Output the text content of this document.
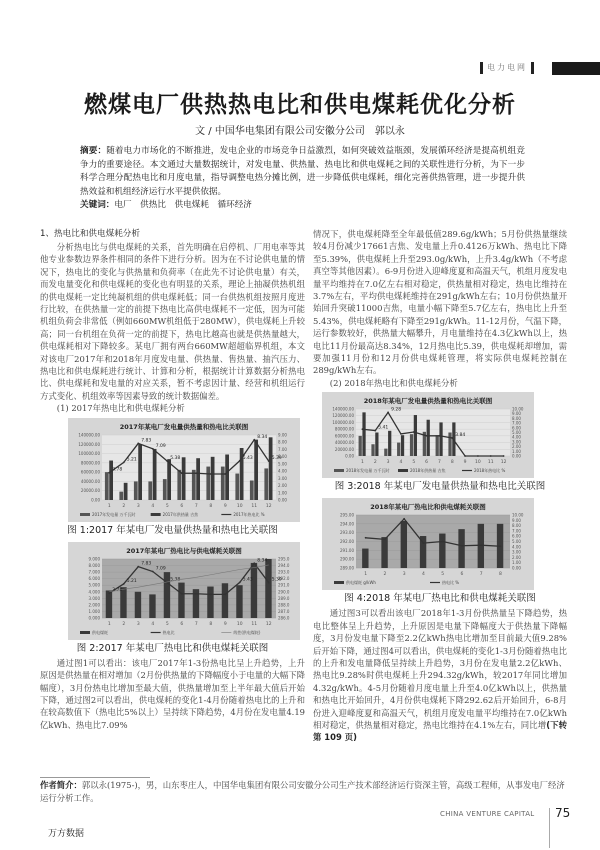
电力电网
燃煤电厂供热热电比和供电煤耗优化分析
文 / 中国华电集团有限公司安徽分公司　郭以永
摘要：随着电力市场化的不断推进，发电企业的市场竞争日益激烈，如何突破效益瓶颈，发展循环经济是提高机组竞争力的重要途径。本文通过大量数据统计，对发电量、供热量、热电比和供电煤耗之间的关联性进行分析，为下一步科学合理分配热电比和月度电量，指导调整电热分摊比例，进一步降低供电煤耗，细化完善供热管理，进一步提升供热效益和机组经济运行水平提供依据。
关键词：电厂　供热比　供电煤耗　循环经济
1、热电比和供电煤耗分析

分析热电比与供电煤耗的关系，首先明确在启停机、厂用电率等其他专业参数边界条件相同的条件下进行分析。因为在不讨论供电量的情况下，热电比的变化与供热量和负荷率（在此先不讨论供电量）有关，而发电量变化和供电煤耗的变化也有明显的关系，理论上抽凝供热机组的供电煤耗一定比纯凝机组的供电煤耗低；同一台供热机组按照月度进行比较，在供热量一定的前提下热电比高供电煤耗不一定低，因为可能机组负荷会非常低（例如660MW机组低于280MW），供电煤耗上升较高；同一台机组在负荷一定的前提下，热电比越高也就是供热量越大，供电煤耗相对下降较多。某电厂拥有两台660MW超超临界机组，本文对该电厂2017年和2018年月度发电量、供热量、售热量、抽汽压力、热电比和供电煤耗进行统计、计算和分析，根据统计计算数据分析热电比、供电煤耗和发电量的对应关系，暂不考虑因计量、经营和机组运行方式变化、机组效率等因素导致的统计数据偏差。

(1) 2017年热电比和供电煤耗分析
2017年某电厂发电量供热量和热电比关联图
0.00
20000.00
40000.00
60000.00
80000.00
100000.00
120000.00
140000.00
0.00
1.00
2.00
3.00
4.00
5.00
6.00
7.00
8.00
9.00
1	2	3	4	5	6	7	8	9 10 11 12
3.78
5.21
7.83
7.09
5.38	5.43
8.34
5.39
2017年发电量 万千瓦时	2017年供热量 吉焦	2017年热电比 %
图 1:2017 年某电厂发电量供热量和热电比关联图
2017年某电厂热电比与供电煤耗关联图
0.000
1.000
2.000
3.000
4.000
5.000
6.000
7.000
8.000
9.000
286.0
287.0
288.0
289.0
290.0
291.0
292.0
293.0
294.0
295.0
1	2	3	4	5	6	7	8	9 10 11 12
3.78
5.21
7.83
7.09
5.38	5.43
8.34
5.39
供电煤耗	热电比	线性(供电煤耗)
图 2:2017 年某电厂热电比和供电煤耗关联图

通过图1可以看出：该电厂2017年1-3份热电比呈上升趋势，上升原因是供热量在相对增加（2月份供热量的下降幅度小于电量的大幅下降幅度），3月份热电比增加至最大值，供热量增加至上半年最大值后开始下降，通过图2可以看出，供电煤耗的变化1-4月份随着热电比的上升和在较高数值下（热电比5%以上）呈持续下降趋势，4月份在发电量4.19亿kWh、热电比7.09%

情况下，供电煤耗降至全年最低值289.6g/kWh；5月份供热量继续较4月份减少17661吉焦、发电量上升0.4126万kWh、热电比下降至5.39%，供电煤耗上升至293.0g/kWh，上升3.4g/kWh（不考虑真空等其他因素）。6-9月份进入迎峰度夏和高温天气，机组月度发电量平均维持在7.0亿左右相对稳定，供热量相对稳定，热电比维持在3.7%左右，平均供电煤耗维持在291g/kWh左右；10月份供热量开始回升突破11000吉焦，电量小幅下降至5.7亿左右，热电比上升至5.43%，供电煤耗略有下降至291g/kWh。11-12月份，气温下降，运行参数较好，供热量大幅攀升，月电量维持在4.3亿kWh以上，热电比11月份最高达8.34%，12月热电比5.39，供电煤耗却增加，需要加强11月份和12月份供电煤耗管理，将实际供电煤耗控制在289g/kWh左右。

(2) 2018年热电比和供电煤耗分析
2018年某电厂发电量供热量和热电比关联图
0.00
20000.00
40000.00
60000.00
80000.00
100000.00
120000.00
140000.00
0.00
1.00
2.00
3.00
4.00
5.00
6.00
7.00
8.00
9.00
10.00
1 2 3 4 5 6 7 8 9 10 11 12
5.41
9.28
3.84
2018年发电量 万千瓦时	2018年供热量 吉焦	2018年热电比 %
图 3:2018 年某电厂发电量供热量和热电比关联图
2018年某电厂热电比和供电煤耗关联图
289.00
290.00
291.00
292.00
293.00
294.00
295.00
0.00
1.00
2.00
3.00
4.00
5.00
6.00
7.00
8.00
9.00
10.00
1	2	3	4	5	6	7	8
供电煤耗 g/kWh	热电比 %
图 4:2018 年某电厂热电比和供电煤耗关联图

通过图3可以看出该电厂2018年1-3月份供热量呈下降趋势，热电比整体呈上升趋势，上升原因是电量下降幅度大于供热量下降幅度，3月份发电量下降至2.2亿kWh热电比增加至目前最大值9.28%后开始下降，通过图4可以看出，供电煤耗的变化1-3月份随着热电比的上升和发电量降低呈持续上升趋势，3月份在发电量2.2亿kWh、热电比9.28%时供电煤耗上升294.32g/kWh，较2017年同比增加4.32g/kWh。4-5月份随着月度电量上升至4.0亿kWh以上，供热量和热电比开始回升，4月份供电煤耗下降292.62后开始回升，6-8月份进入迎峰度夏和高温天气，机组月度发电量平均维持在7.0亿kWh相对稳定，供热量相对稳定，热电比维持在4.1%左右，同比增(下转第 109 页)

作者简介：郭以永(1975-)，男，山东枣庄人，中国华电集团有限公司安徽分公司生产技术部经济运行资深主管，高级工程师，从事发电厂经济运行分析工作。
CHINA VENTURE CAPITAL 75
万方数据
